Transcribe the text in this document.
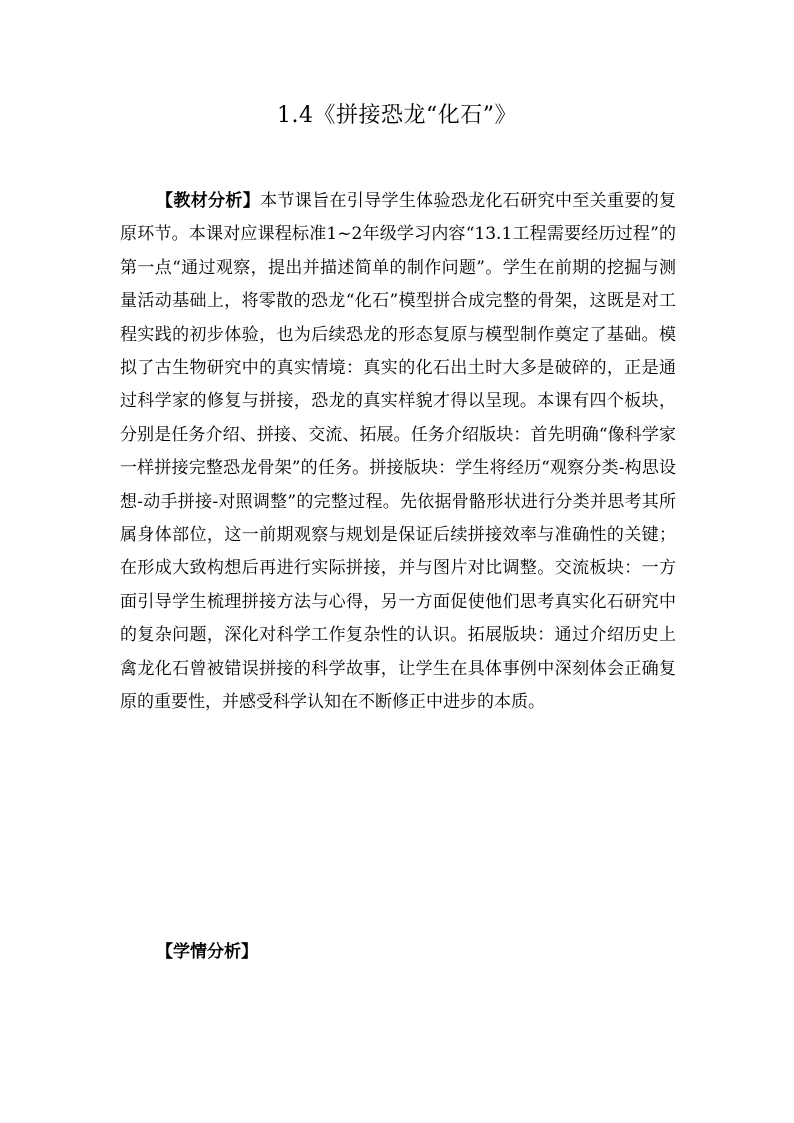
1.4《拼接恐龙“化石”》

【教材分析】本节课旨在引导学生体验恐龙化石研究中至关重要的复原环节。本课对应课程标准1~2年级学习内容“13.1工程需要经历过程”的第一点“通过观察，提出并描述简单的制作问题”。学生在前期的挖掘与测量活动基础上，将零散的恐龙“化石”模型拼合成完整的骨架，这既是对工程实践的初步体验，也为后续恐龙的形态复原与模型制作奠定了基础。模拟了古生物研究中的真实情境：真实的化石出土时大多是破碎的，正是通过科学家的修复与拼接，恐龙的真实样貌才得以呈现。本课有四个板块，分别是任务介绍、拼接、交流、拓展。任务介绍版块：首先明确“像科学家一样拼接完整恐龙骨架”的任务。拼接版块：学生将经历“观察分类-构思设想-动手拼接-对照调整”的完整过程。先依据骨骼形状进行分类并思考其所属身体部位，这一前期观察与规划是保证后续拼接效率与准确性的关键；在形成大致构想后再进行实际拼接，并与图片对比调整。交流板块：一方面引导学生梳理拼接方法与心得，另一方面促使他们思考真实化石研究中的复杂问题，深化对科学工作复杂性的认识。拓展版块：通过介绍历史上禽龙化石曾被错误拼接的科学故事，让学生在具体事例中深刻体会正确复原的重要性，并感受科学认知在不断修正中进步的本质。

【学情分析】
